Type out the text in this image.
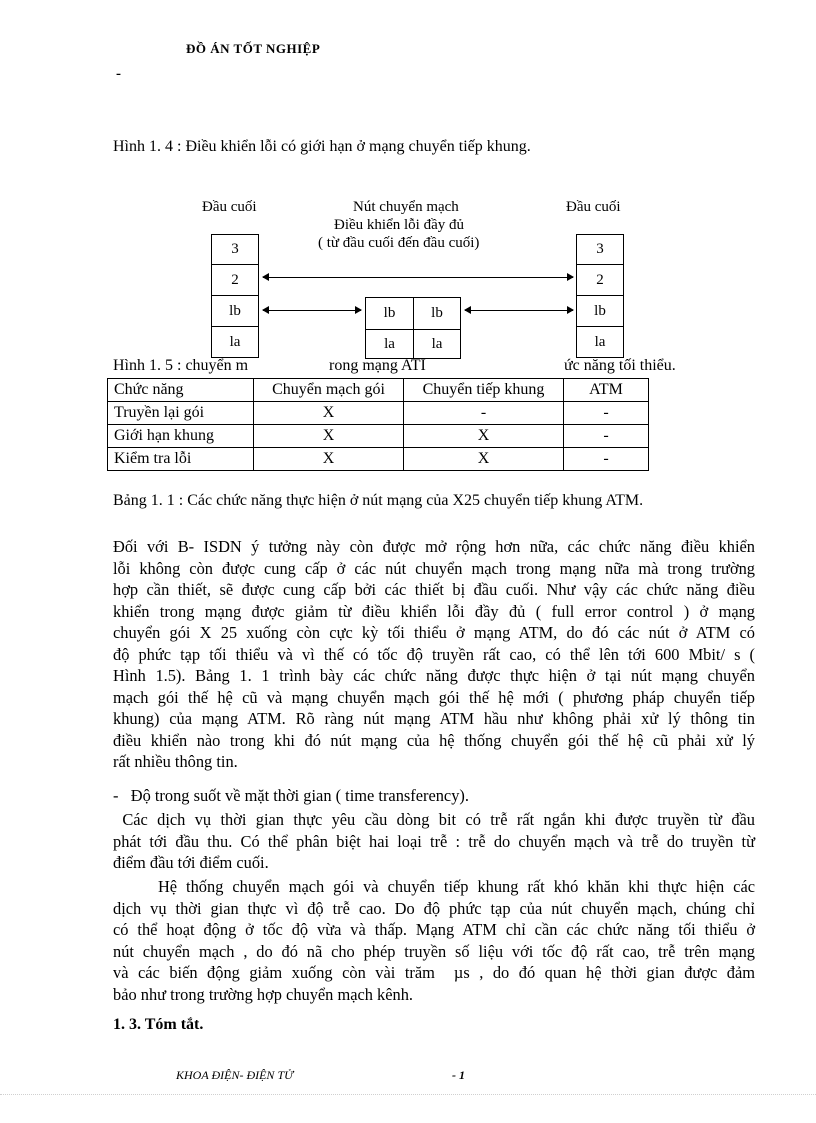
ĐỒ ÁN TỐT NGHIỆP
-
Hình 1. 4 : Điều khiển lỗi có giới hạn ở mạng chuyển tiếp khung.
Đầu cuối	Nút chuyển mạch
Điều khiển lỗi đầy đủ
( từ đầu cuối đến đầu cuối)
Đầu cuối
3
2
lb
la
3
2
lb
la
lb	lb
la	la
Hình 1. 5 : chuyển m	rong mạng ATI	ức năng tối thiểu.
Chức năng	Chuyển mạch gói	Chuyển tiếp khung	ATM
Truyền lại gói	X	-	-
Giới hạn khung	X	X	-
Kiểm tra lỗi	X	X	-
Bảng 1. 1 : Các chức năng thực hiện ở nút mạng của X25 chuyển tiếp khung ATM.
Đối với B- ISDN ý tưởng này còn được mở rộng hơn nữa, các chức năng điều khiển
lỗi không còn được cung cấp ở các nút chuyển mạch trong mạng nữa mà trong trường
hợp cần thiết, sẽ được cung cấp bởi các thiết bị đầu cuối. Như vậy các chức năng điều
khiển trong mạng được giảm từ điều khiển lỗi đầy đủ ( full error control ) ở mạng
chuyển gói X 25 xuống còn cực kỳ tối thiểu ở mạng ATM, do đó các nút ở ATM có
độ phức tạp tối thiểu và vì thế có tốc độ truyền rất cao, có thể lên tới 600 Mbit/ s (
Hình 1.5). Bảng 1. 1 trình bày các chức năng được thực hiện ở tại nút mạng chuyển
mạch gói thế hệ cũ và mạng chuyển mạch gói thế hệ mới ( phương pháp chuyển tiếp
khung) của mạng ATM. Rõ ràng nút mạng ATM hầu như không phải xử lý thông tin
điều khiển nào trong khi đó nút mạng của hệ thống chuyển gói thế hệ cũ phải xử lý
rất nhiều thông tin.
-   Độ trong suốt về mặt thời gian ( time transferency).
Các dịch vụ thời gian thực yêu cầu dòng bit có trễ rất ngắn khi được truyền từ đầu
phát tới đầu thu. Có thể phân biệt hai loại trễ : trễ do chuyển mạch và trễ do truyền từ
điểm đầu tới điểm cuối.
Hệ thống chuyển mạch gói và chuyển tiếp khung rất khó khăn khi thực hiện các
dịch vụ thời gian thực vì độ trễ cao. Do độ phức tạp của nút chuyển mạch, chúng chỉ
có thể hoạt động ở tốc độ vừa và thấp. Mạng ATM chỉ cần các chức năng tối thiểu ở
nút chuyển mạch , do đó nã cho phép truyền số liệu với tốc độ rất cao, trễ trên mạng
và các biến động giảm xuống còn vài trăm  µs , do đó quan hệ thời gian được đảm
bảo như trong trường hợp chuyển mạch kênh.
1. 3. Tóm tắt.
KHOA ĐIỆN- ĐIỆN TỬ	- 1
